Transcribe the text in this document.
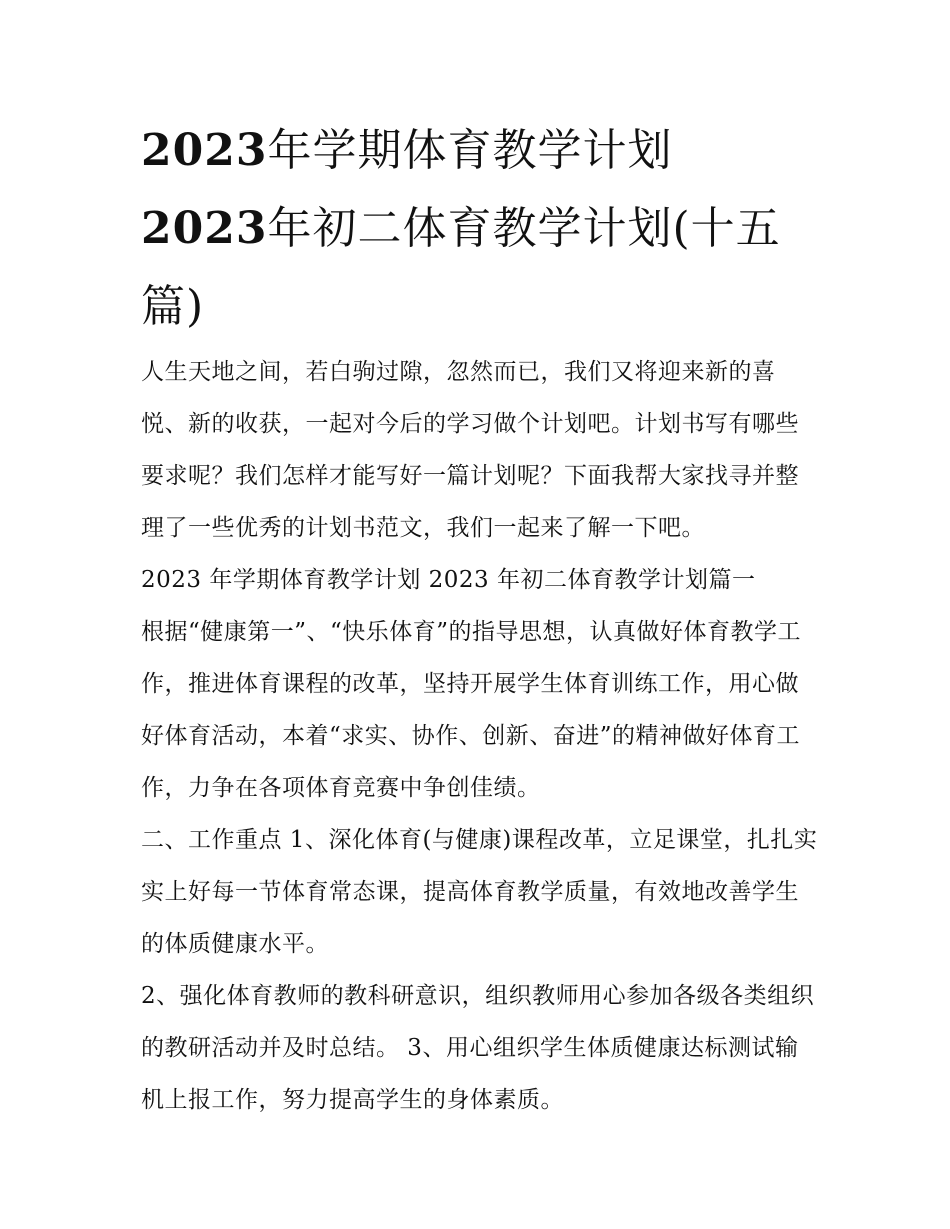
2023年学期体育教学计划
2023年初二体育教学计划(十五篇)

人生天地之间，若白驹过隙，忽然而已，我们又将迎来新的喜悦、新的收获，一起对今后的学习做个计划吧。计划书写有哪些要求呢？我们怎样才能写好一篇计划呢？下面我帮大家找寻并整理了一些优秀的计划书范文，我们一起来了解一下吧。

2023 年学期体育教学计划 2023 年初二体育教学计划篇一

根据“健康第一”、“快乐体育”的指导思想，认真做好体育教学工作，推进体育课程的改革，坚持开展学生体育训练工作，用心做好体育活动，本着“求实、协作、创新、奋进”的精神做好体育工作，力争在各项体育竞赛中争创佳绩。

二、工作重点 1、深化体育(与健康)课程改革，立足课堂，扎扎实实上好每一节体育常态课，提高体育教学质量，有效地改善学生的体质健康水平。

2、强化体育教师的教科研意识，组织教师用心参加各级各类组织的教研活动并及时总结。 3、用心组织学生体质健康达标测试输机上报工作，努力提高学生的身体素质。
